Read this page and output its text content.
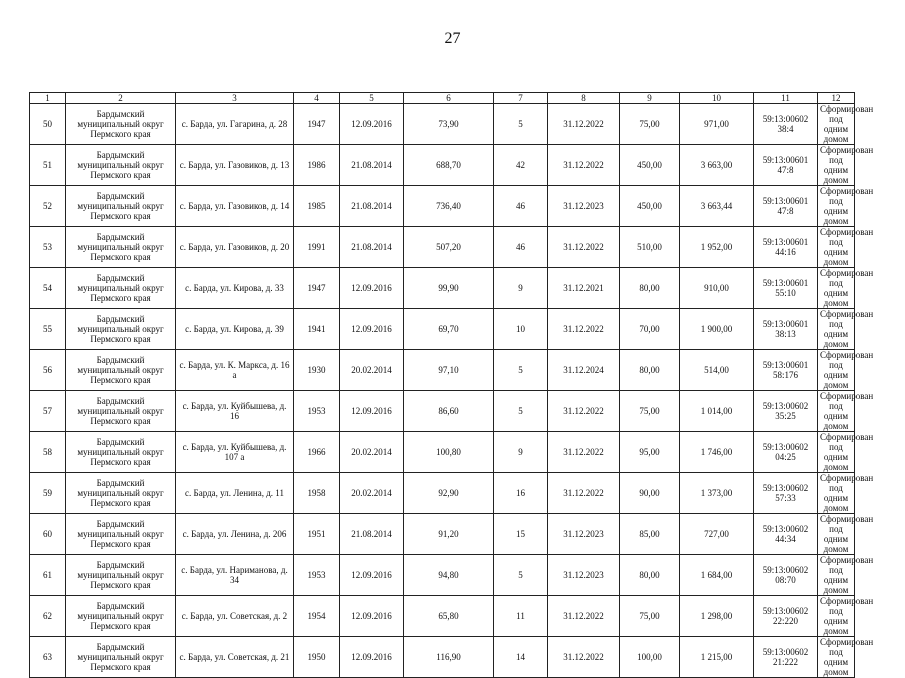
27
1	2	3	4	5	6	7	8	9	10	11	12
50	Бардымский муниципальный округ Пермского края	с. Барда, ул. Гагарина, д. 28	1947	12.09.2016	73,90	5	31.12.2022	75,00	971,00	59:13:00602 38:4	Сформирован под одним домом
51	Бардымский муниципальный округ Пермского края	с. Барда, ул. Газовиков, д. 13	1986	21.08.2014	688,70	42	31.12.2022	450,00	3 663,00	59:13:00601 47:8	Сформирован под одним домом
52	Бардымский муниципальный округ Пермского края	с. Барда, ул. Газовиков, д. 14	1985	21.08.2014	736,40	46	31.12.2023	450,00	3 663,44	59:13:00601 47:8	Сформирован под одним домом
53	Бардымский муниципальный округ Пермского края	с. Барда, ул. Газовиков, д. 20	1991	21.08.2014	507,20	46	31.12.2022	510,00	1 952,00	59:13:00601 44:16	Сформирован под одним домом
54	Бардымский муниципальный округ Пермского края	с. Барда, ул. Кирова, д. 33	1947	12.09.2016	99,90	9	31.12.2021	80,00	910,00	59:13:00601 55:10	Сформирован под одним домом
55	Бардымский муниципальный округ Пермского края	с. Барда, ул. Кирова, д. 39	1941	12.09.2016	69,70	10	31.12.2022	70,00	1 900,00	59:13:00601 38:13	Сформирован под одним домом
56	Бардымский муниципальный округ Пермского края	с. Барда, ул. К. Маркса, д. 16 а	1930	20.02.2014	97,10	5	31.12.2024	80,00	514,00	59:13:00601 58:176	Сформирован под одним домом
57	Бардымский муниципальный округ Пермского края	с. Барда, ул. Куйбышева, д. 16	1953	12.09.2016	86,60	5	31.12.2022	75,00	1 014,00	59:13:00602 35:25	Сформирован под одним домом
58	Бардымский муниципальный округ Пермского края	с. Барда, ул. Куйбышева, д. 107 а	1966	20.02.2014	100,80	9	31.12.2022	95,00	1 746,00	59:13:00602 04:25	Сформирован под одним домом
59	Бардымский муниципальный округ Пермского края	с. Барда, ул. Ленина, д. 11	1958	20.02.2014	92,90	16	31.12.2022	90,00	1 373,00	59:13:00602 57:33	Сформирован под одним домом
60	Бардымский муниципальный округ Пермского края	с. Барда, ул. Ленина, д. 206	1951	21.08.2014	91,20	15	31.12.2023	85,00	727,00	59:13:00602 44:34	Сформирован под одним домом
61	Бардымский муниципальный округ Пермского края	с. Барда, ул. Нариманова, д. 34	1953	12.09.2016	94,80	5	31.12.2023	80,00	1 684,00	59:13:00602 08:70	Сформирован под одним домом
62	Бардымский муниципальный округ Пермского края	с. Барда, ул. Советская, д. 2	1954	12.09.2016	65,80	11	31.12.2022	75,00	1 298,00	59:13:00602 22:220	Сформирован под одним домом
63	Бардымский муниципальный округ Пермского края	с. Барда, ул. Советская, д. 21	1950	12.09.2016	116,90	14	31.12.2022	100,00	1 215,00	59:13:00602 21:222	Сформирован под одним домом
